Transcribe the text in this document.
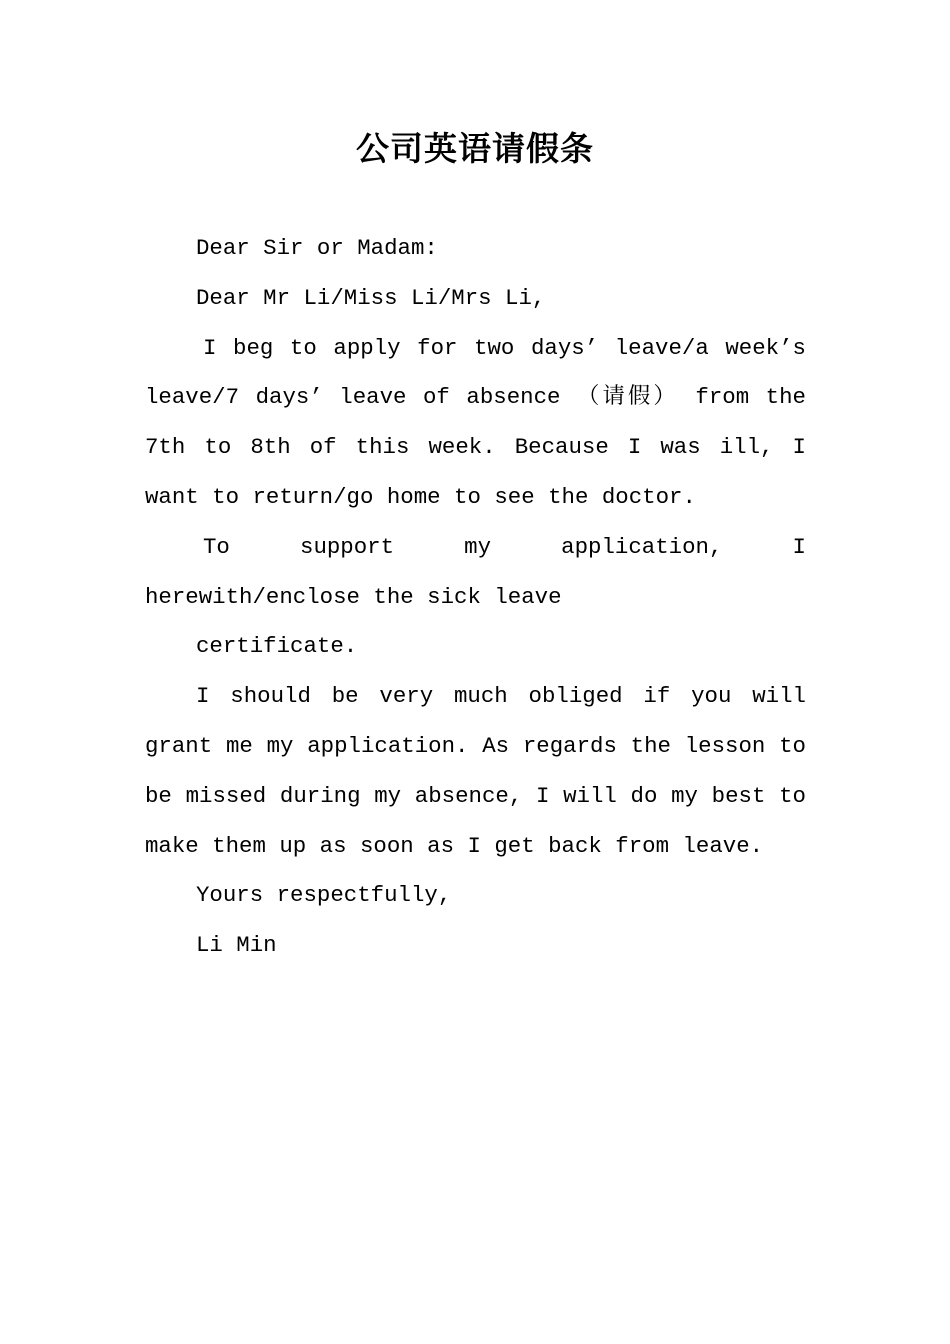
公司英语请假条

Dear Sir or Madam:

Dear Mr Li/Miss Li/Mrs Li,

I beg to apply for two days’ leave/a week’s leave/7 days’ leave of absence （请假） from the 7th to 8th of this week. Because I was ill, I want to return/go home to see the doctor.

To support my application, I herewith/enclose the sick leave

certificate.

I should be very much obliged if you will grant me my application. As regards the lesson to be missed during my absence, I will do my best to make them up as soon as I get back from leave.

Yours respectfully,

Li Min
